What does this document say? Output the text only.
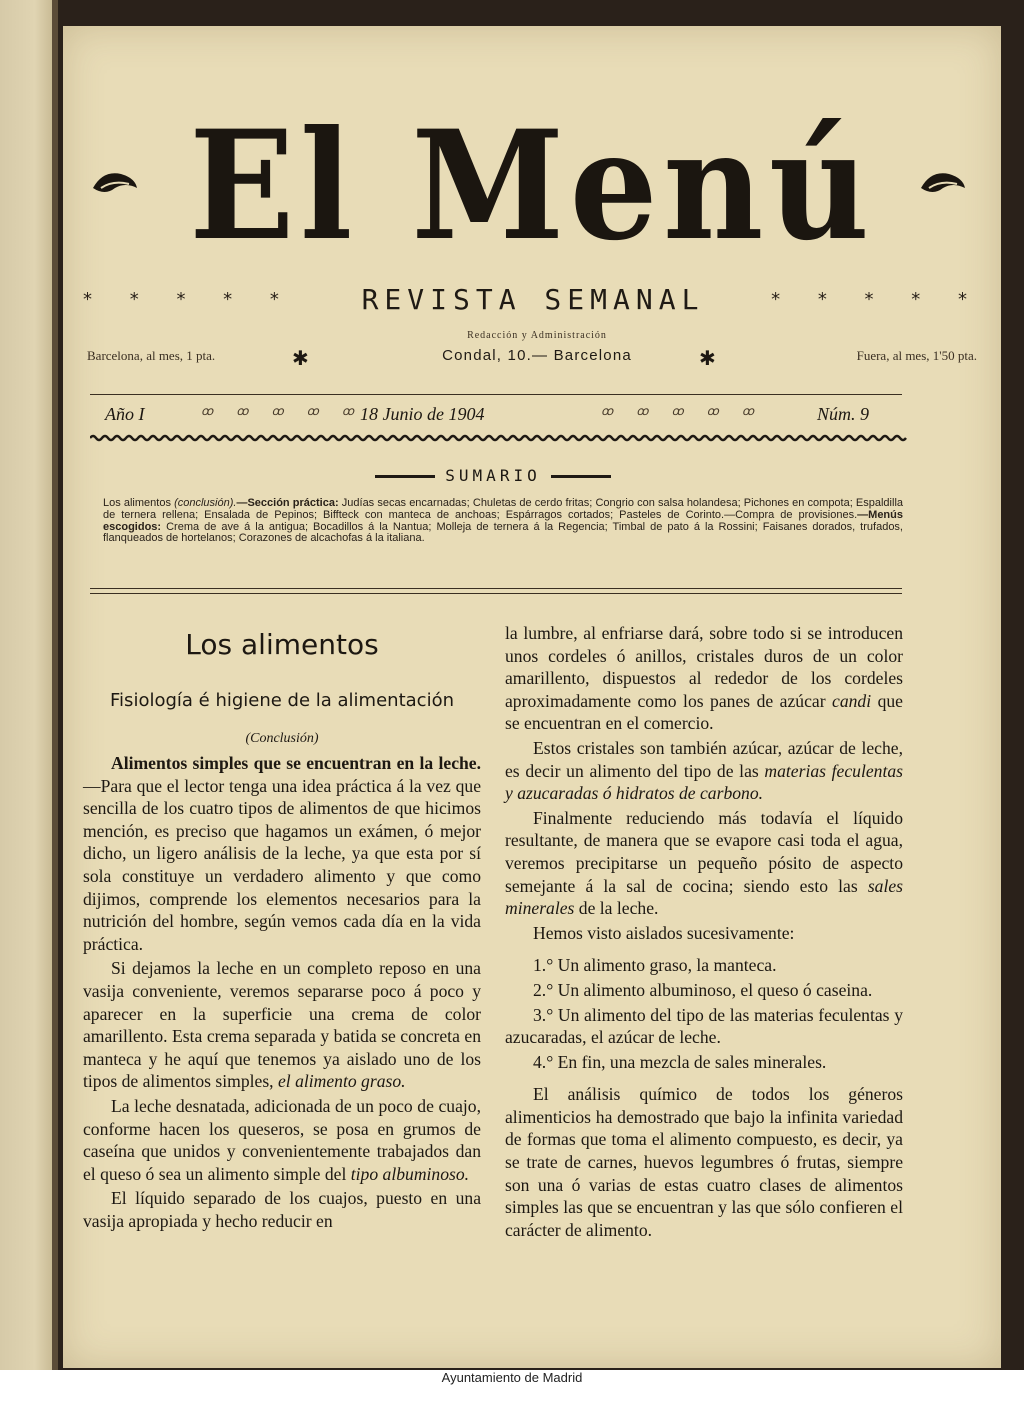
El Menú
* * * * * REVISTA SEMANAL	* * * * *
Barcelona, al mes, 1 pta.	✱
Redacción y Administración
Condal, 10.— Barcelona	✱	Fuera, al mes, 1'50 pta.
Año I	ꝏ ꝏ ꝏ ꝏ ꝏ
18 Junio de 1904	ꝏ ꝏ ꝏ ꝏ ꝏ	Núm. 9
SUMARIO
Los alimentos (conclusión).—Sección práctica: Judías secas encarnadas; Chuletas de cerdo fritas; Congrio con salsa holandesa; Pichones en compota; Espaldilla de ternera rellena; Ensalada de Pepinos; Biffteck con manteca de anchoas; Espárragos cortados; Pasteles de Corinto.—Compra de provisiones.—Menús escogidos: Crema de ave á la antigua; Bocadillos á la Nantua; Molleja de ternera á la Regencia; Timbal de pato á la Rossini; Faisanes dorados, trufados, flanqueados de hortelanos; Corazones de alcachofas á la italiana.
Los alimentos
Fisiología é higiene de la alimentación
(Conclusión)

Alimentos simples que se encuentran en la leche.—Para que el lector tenga una idea práctica á la vez que sencilla de los cuatro tipos de alimentos de que hicimos mención, es preciso que hagamos un exámen, ó mejor dicho, un ligero análisis de la leche, ya que esta por sí sola constituye un verdadero alimento y que como dijimos, comprende los elementos necesarios para la nutrición del hombre, según vemos cada día en la vida práctica.

Si dejamos la leche en un completo reposo en una vasija conveniente, veremos separarse poco á poco y aparecer en la superficie una crema de color amarillento. Esta crema separada y batida se concreta en manteca y he aquí que tenemos ya aislado uno de los tipos de alimentos simples, el alimento graso.

La leche desnatada, adicionada de un poco de cuajo, conforme hacen los queseros, se posa en grumos de caseína que unidos y convenientemente trabajados dan el queso ó sea un alimento simple del tipo albuminoso.

El líquido separado de los cuajos, puesto en una vasija apropiada y hecho reducir en

la lumbre, al enfriarse dará, sobre todo si se introducen unos cordeles ó anillos, cristales duros de un color amarillento, dispuestos al rededor de los cordeles aproximadamente como los panes de azúcar candi que se encuentran en el comercio.

Estos cristales son también azúcar, azúcar de leche, es decir un alimento del tipo de las materias feculentas y azucaradas ó hidratos de carbono.

Finalmente reduciendo más todavía el líquido resultante, de manera que se evapore casi toda el agua, veremos precipitarse un pequeño pósito de aspecto semejante á la sal de cocina; siendo esto las sales minerales de la leche.

Hemos visto aislados sucesivamente:

1.° Un alimento graso, la manteca.

2.° Un alimento albuminoso, el queso ó caseina.

3.° Un alimento del tipo de las materias feculentas y azucaradas, el azúcar de leche.

4.° En fin, una mezcla de sales minerales.

El análisis químico de todos los géneros alimenticios ha demostrado que bajo la infinita variedad de formas que toma el alimento compuesto, es decir, ya se trate de carnes, huevos legumbres ó frutas, siempre son una ó varias de estas cuatro clases de alimentos simples las que se encuentran y las que sólo confieren el carácter de alimento.

Ayuntamiento de Madrid
